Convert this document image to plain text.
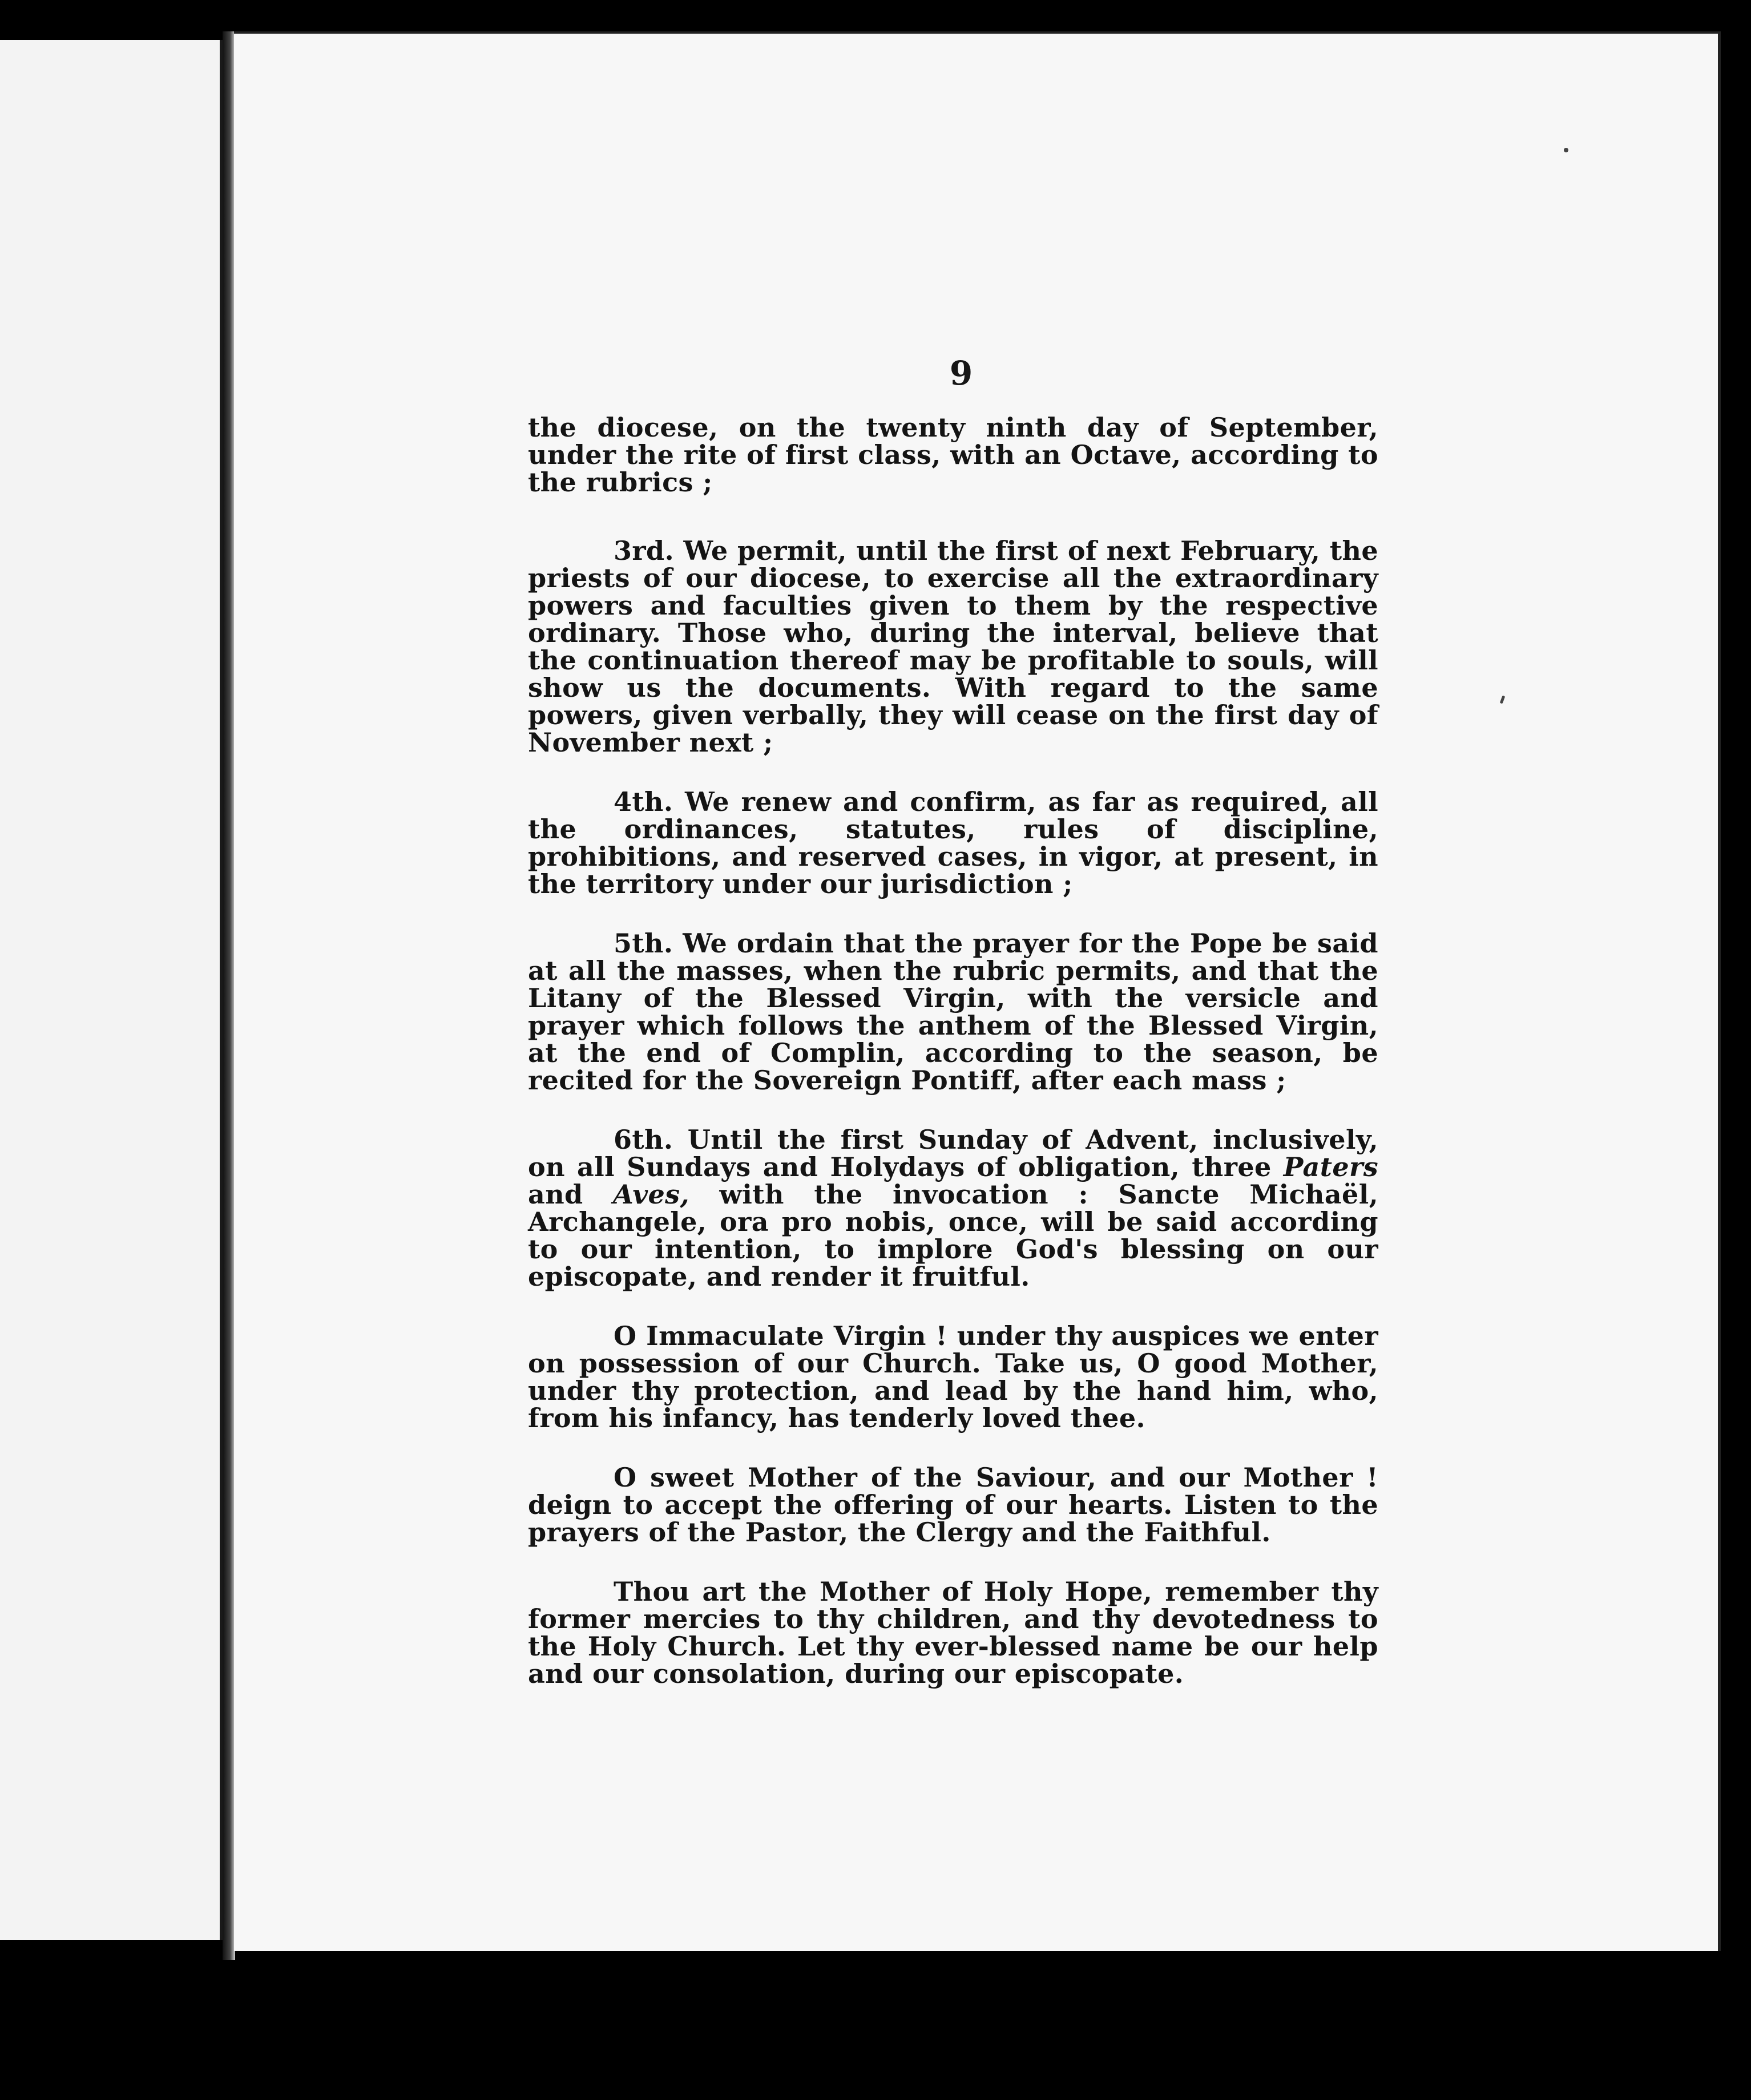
9

the diocese, on the twenty ninth day of September, under the rite of first class, with an Octave, according to the rubrics ;

3rd. We permit, until the first of next February, the priests of our diocese, to exercise all the extraordinary powers and faculties given to them by the respective ordinary. Those who, during the interval, believe that the continuation thereof may be profitable to souls, will show us the documents. With regard to the same powers, given verbally, they will cease on the first day of November next ;

4th. We renew and confirm, as far as required, all the ordinances, statutes, rules of discipline, prohibitions, and reserved cases, in vigor, at present, in the territory under our jurisdiction ;

5th. We ordain that the prayer for the Pope be said at all the masses, when the rubric permits, and that the Litany of the Blessed Virgin, with the versicle and prayer which follows the anthem of the Blessed Virgin, at the end of Complin, according to the season, be recited for the Sovereign Pontiff, after each mass ;

6th. Until the first Sunday of Advent, inclusively, on all Sundays and Holydays of obligation, three Paters and Aves, with the invocation : Sancte Michaël, Archangele, ora pro nobis, once, will be said according to our intention, to implore God's blessing on our episcopate, and render it fruitful.

O Immaculate Virgin ! under thy auspices we enter on possession of our Church. Take us, O good Mother, under thy protection, and lead by the hand him, who, from his infancy, has tenderly loved thee.

O sweet Mother of the Saviour, and our Mother ! deign to accept the offering of our hearts. Listen to the prayers of the Pastor, the Clergy and the Faithful.

Thou art the Mother of Holy Hope, remember thy former mercies to thy children, and thy devotedness to the Holy Church. Let thy ever-blessed name be our help and our consolation, during our episcopate.
